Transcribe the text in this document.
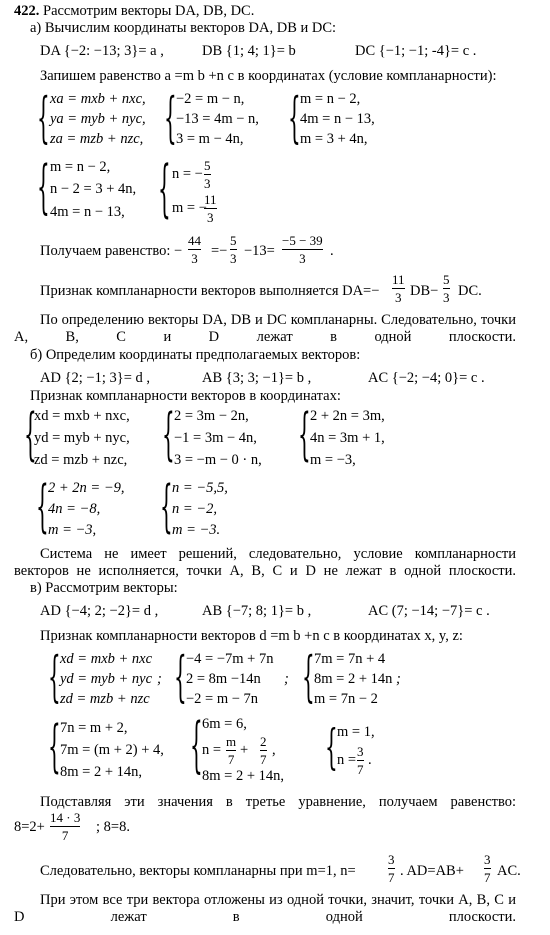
422. Рассмотрим векторы DA, DB, DC.
а) Вычислим координаты векторов DA, DB и DC:
DA {−2: −13; 3}= a ,	DB {1; 4; 1}= b	DC {−1; −1; -4}= c .
Запишем равенство a =m b +n c в координатах (условие компланарности):
{ xa = mxb + nxc,
ya = myb + nyc,
za = mzb + nzc, { −2 = m − n,
−13 = 4m − n,
3 = m − 4n, { m = n − 2,
4m = n − 13,
m = 3 + 4n,
{ m = n − 2,
n − 2 = 3 + 4n,
4m = n − 13, { n = −
5
3
m = −
11
3
Получаем равенство: −
44
3 =−
5
3 −13=
−5 − 39
3	.
Признак компланарности векторов выполняется DA=−
11
3 DB−
5
3 DC.
По определению векторы DA, DB и DC компланарны. Следовательно, точки A, B, C и D лежат в одной плоскости.
б) Определим координаты предполагаемых векторов:
AD {2; −1; 3}= d ,	AB {3; 3; −1}= b ,	AC {−2; −4; 0}= c .
Признак компланарности векторов в координатах:
{
xd = mxb + nxc,
yd = myb + nyc,
zd = mzb + nzc, { 2 = 3m − 2n,
−1 = 3m − 4n,
3 = −m − 0 · n, { 2 + 2n = 3m,
4n = 3m + 1,
m = −3,
{ 2 + 2n = −9,
4n = −8,
m = −3,	{ n = −5,5,
n = −2,
m = −3.
Система не имеет решений, следовательно, условие компланарности векторов не исполняется, точки A, B, C и D не лежат в одной плоскости.
в) Рассмотрим векторы:
AD {−4; 2; −2}= d ,	AB {−7; 8; 1}= b ,	AC (7; −14; −7}= c .
Признак компланарности векторов d =m b +n c в координатах x, y, z:
{ xd = mxb + nxc
yd = myb + nyc
zd = mzb + nzc
; { −4 = −7m + 7n
2 = 8m −14n
−2 = m − 7n
; { 7m = 7n + 4
8m = 2 + 14n
m = 7n − 2
;
{ 7n = m + 2,
7m = (m + 2) + 4,
8m = 2 + 14n, { 6m = 6,
n =
m
7
+
2
7
,
8m = 2 + 14n,
{ m = 1,
n =
3
7
.
Подставляя эти значения в третье уравнение, получаем равенство:
8=2+
14 · 3
7
; 8=8.
Следовательно, векторы компланарны при m=1, n=
3
7 . AD=AB+
3
7 AC.
При этом все три вектора отложены из одной точки, значит, точки A, B, C и D лежат в одной плоскости.
